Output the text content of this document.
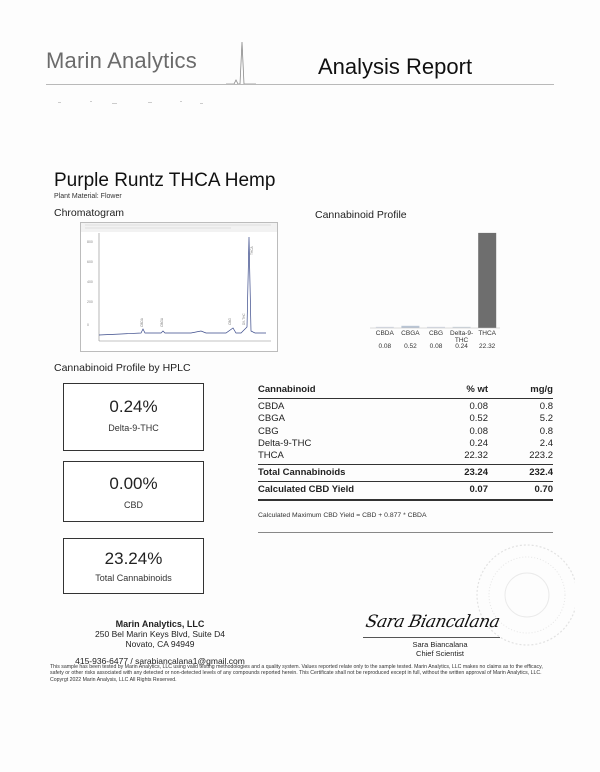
Marin Analytics	Analysis Report
Purple Runtz THCA Hemp
Plant Material: Flower
Chromatogram	Cannabinoid Profile
800
600
400
200
0	CBDA	CBGA	CBG	D9-THC
THCA
CBDA	CBGA	CBG	Delta-9-THC
THCA
0.08	0.52	0.08	0.24	22.32
Cannabinoid Profile by HPLC
0.24%
Delta-9-THC
0.00%
CBD
23.24%
Total Cannabinoids
Cannabinoid	% wt	mg/g
CBDA	0.08	0.8
CBGA	0.52	5.2
CBG	0.08	0.8
Delta-9-THC	0.24	2.4
THCA	22.32	223.2
Total Cannabinoids	23.24	232.4
Calculated CBD Yield	0.07	0.70
Calculated Maximum CBD Yield = CBD + 0.877 * CBDA
Marin Analytics, LLC
250 Bel Marin Keys Blvd, Suite D4
Novato, CA 94949
415-936-6477 / sarabiancalana1@gmail.com
Sara Biancalana
Sara Biancalana
Chief Scientist
This sample has been tested by Marin Analytics, LLC using valid testing methodologies and a quality system. Values reported relate only to the sample tested. Marin Analytics, LLC makes no claims as to the efficacy, safety or other risks associated with any detected or non-detected levels of any compounds reported herein. This Certificate shall not be reproduced except in full, without the written approval of Marin Analytics, LLC. Copyrgt 2022 Marin Analysis, LLC All Rights Reserved.
